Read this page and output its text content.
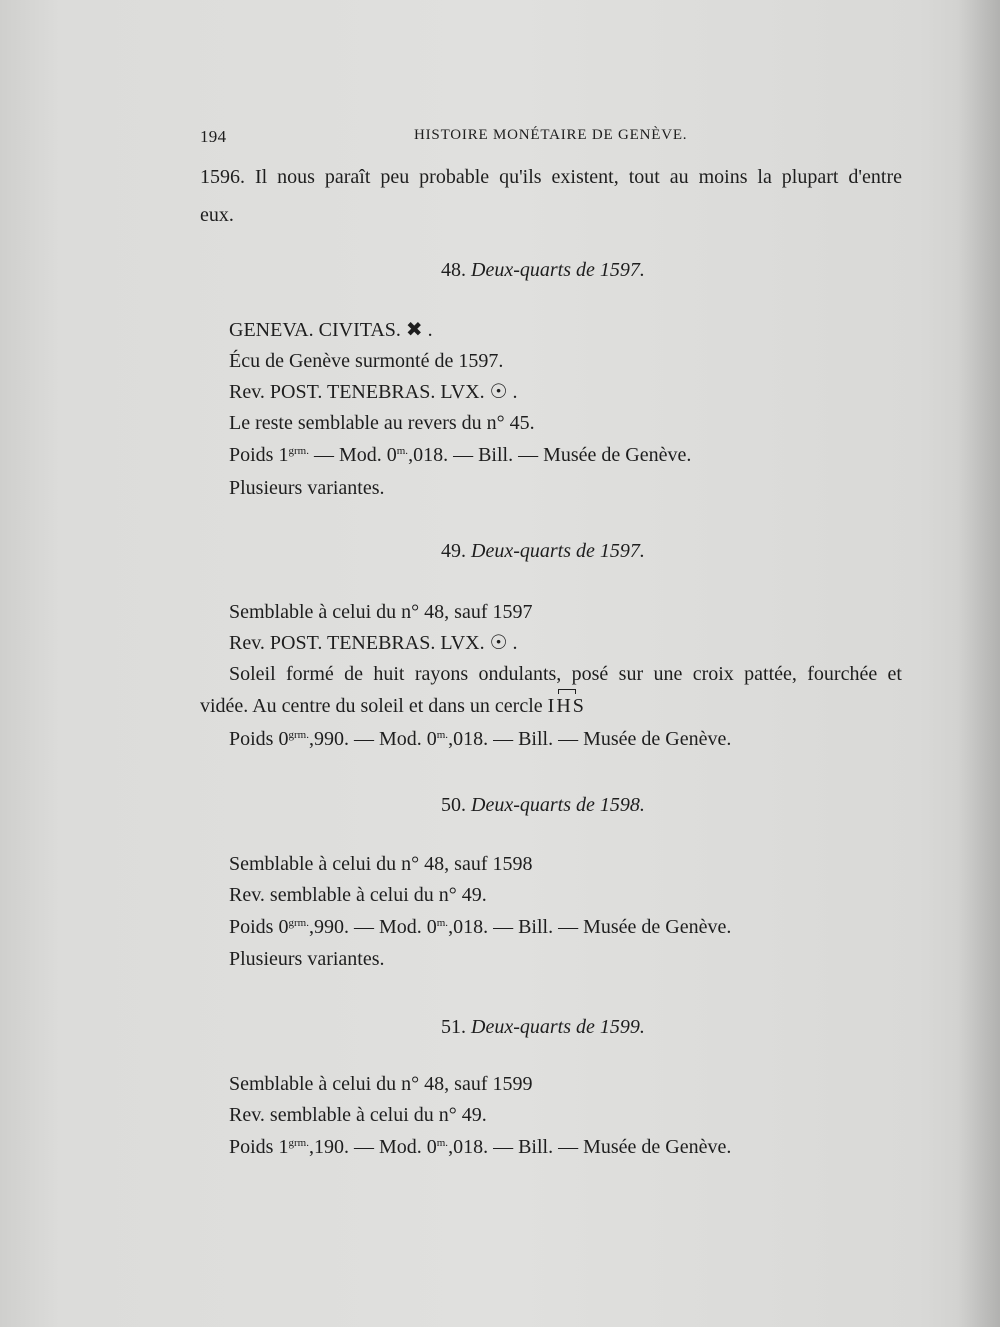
194	HISTOIRE MONÉTAIRE DE GENÈVE.
1596. Il nous paraît peu probable qu'ils existent, tout au moins la plupart d'entre
eux.
48. Deux-quarts de 1597.
GENEVA. CIVITAS. ✖ .
Écu de Genève surmonté de 1597.
Rev. POST. TENEBRAS. LVX. ☉ .
Le reste semblable au revers du n° 45.
Poids $1^{grm.}$ — Mod. $0^{m.},018$. — Bill. — Musée de Genève.
Plusieurs variantes.
49. Deux-quarts de 1597.
Semblable à celui du n° 48, sauf 1597
Rev. POST. TENEBRAS. LVX. ☉ .
Soleil formé de huit rayons ondulants, posé sur une croix pattée, fourchée et
vidée. Au centre du soleil et dans un cercle IHS
Poids $0^{grm.},990$. — Mod. $0^{m.},018$. — Bill. — Musée de Genève.
50. Deux-quarts de 1598.
Semblable à celui du n° 48, sauf 1598
Rev. semblable à celui du n° 49.
Poids $0^{grm.},990$. — Mod. $0^{m.},018$. — Bill. — Musée de Genève.
Plusieurs variantes.
51. Deux-quarts de 1599.
Semblable à celui du n° 48, sauf 1599
Rev. semblable à celui du n° 49.
Poids $1^{grm.},190$. — Mod. $0^{m.},018$. — Bill. — Musée de Genève.
